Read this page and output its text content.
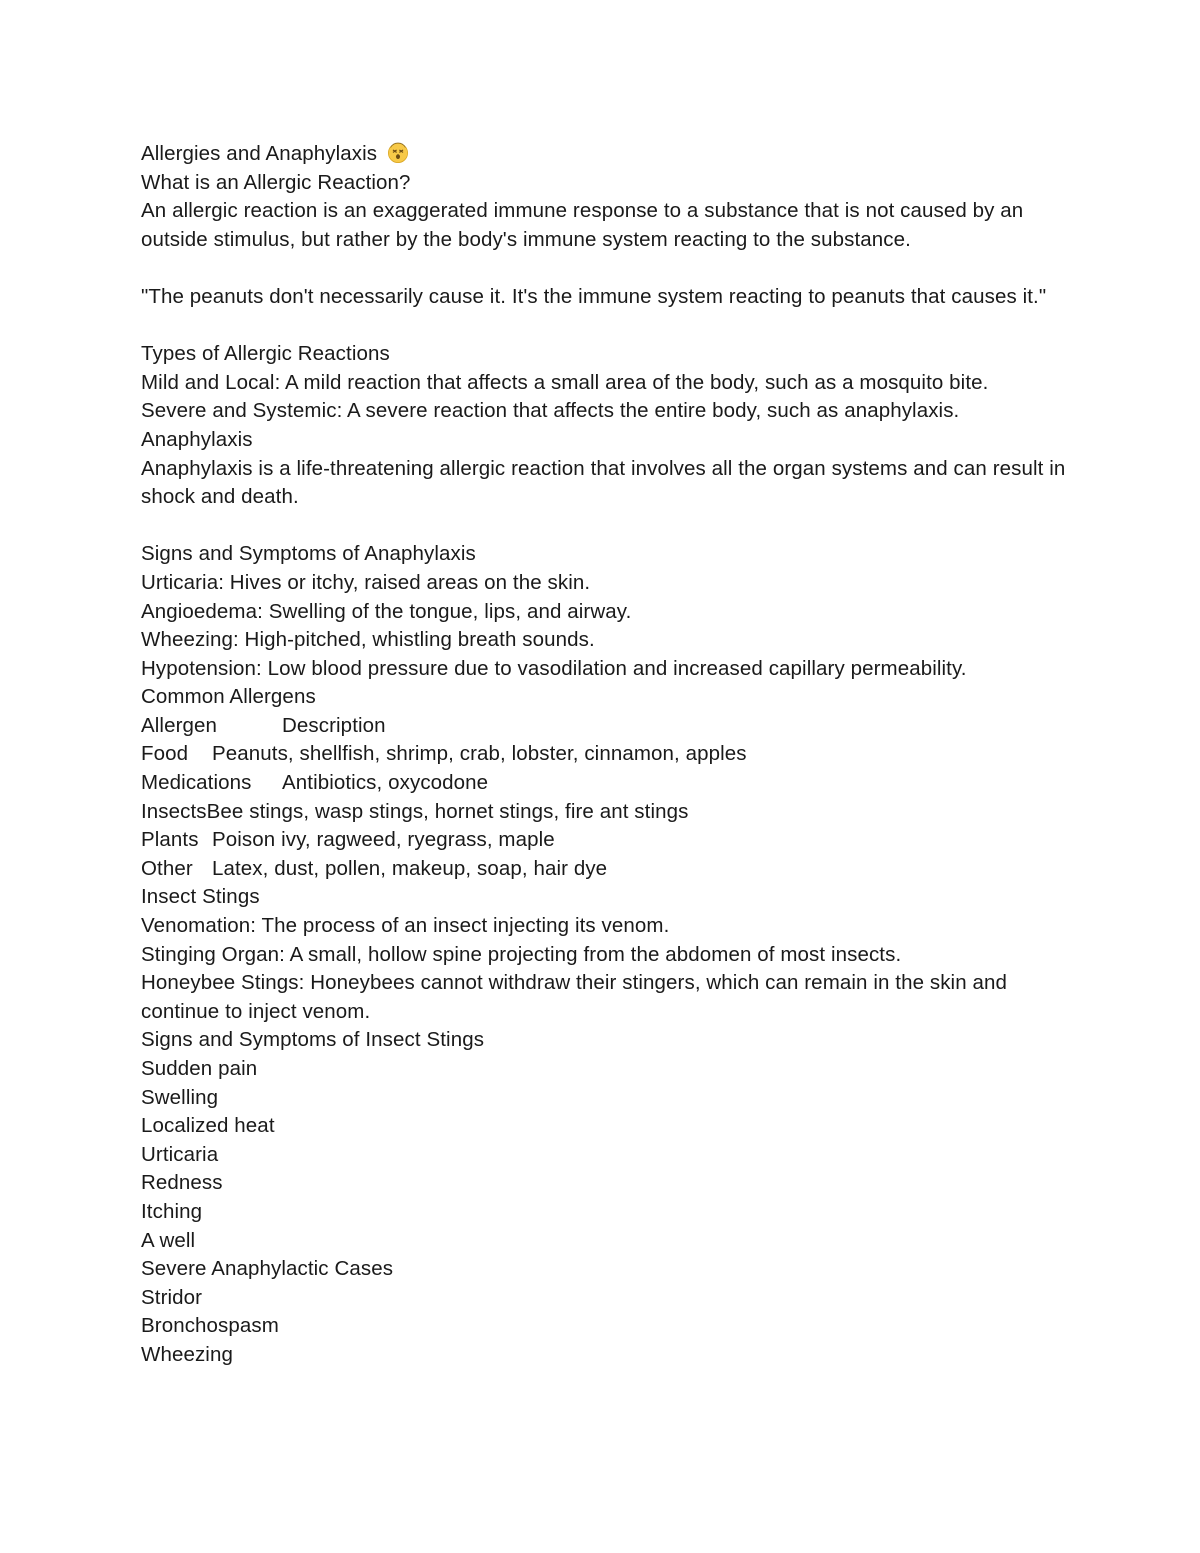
Allergies and Anaphylaxis

What is an Allergic Reaction?

An allergic reaction is an exaggerated immune response to a substance that is not caused by an outside stimulus, but rather by the body's immune system reacting to the substance.

"The peanuts don't necessarily cause it. It's the immune system reacting to peanuts that causes it."

Types of Allergic Reactions

Mild and Local: A mild reaction that affects a small area of the body, such as a mosquito bite.

Severe and Systemic: A severe reaction that affects the entire body, such as anaphylaxis.

Anaphylaxis

Anaphylaxis is a life-threatening allergic reaction that involves all the organ systems and can result in shock and death.

Signs and Symptoms of Anaphylaxis

Urticaria: Hives or itchy, raised areas on the skin.

Angioedema: Swelling of the tongue, lips, and airway.

Wheezing: High-pitched, whistling breath sounds.

Hypotension: Low blood pressure due to vasodilation and increased capillary permeability.

Common Allergens

Allergen	Description
Food	Peanuts, shellfish, shrimp, crab, lobster, cinnamon, apples
Medications	Antibiotics, oxycodone
Insects Bee stings, wasp stings, hornet stings, fire ant stings
Plants Poison ivy, ragweed, ryegrass, maple
Other Latex, dust, pollen, makeup, soap, hair dye

Insect Stings

Venomation: The process of an insect injecting its venom.

Stinging Organ: A small, hollow spine projecting from the abdomen of most insects.

Honeybee Stings: Honeybees cannot withdraw their stingers, which can remain in the skin and continue to inject venom.

Signs and Symptoms of Insect Stings

Sudden pain

Swelling

Localized heat

Urticaria

Redness

Itching

A well

Severe Anaphylactic Cases

Stridor

Bronchospasm

Wheezing
